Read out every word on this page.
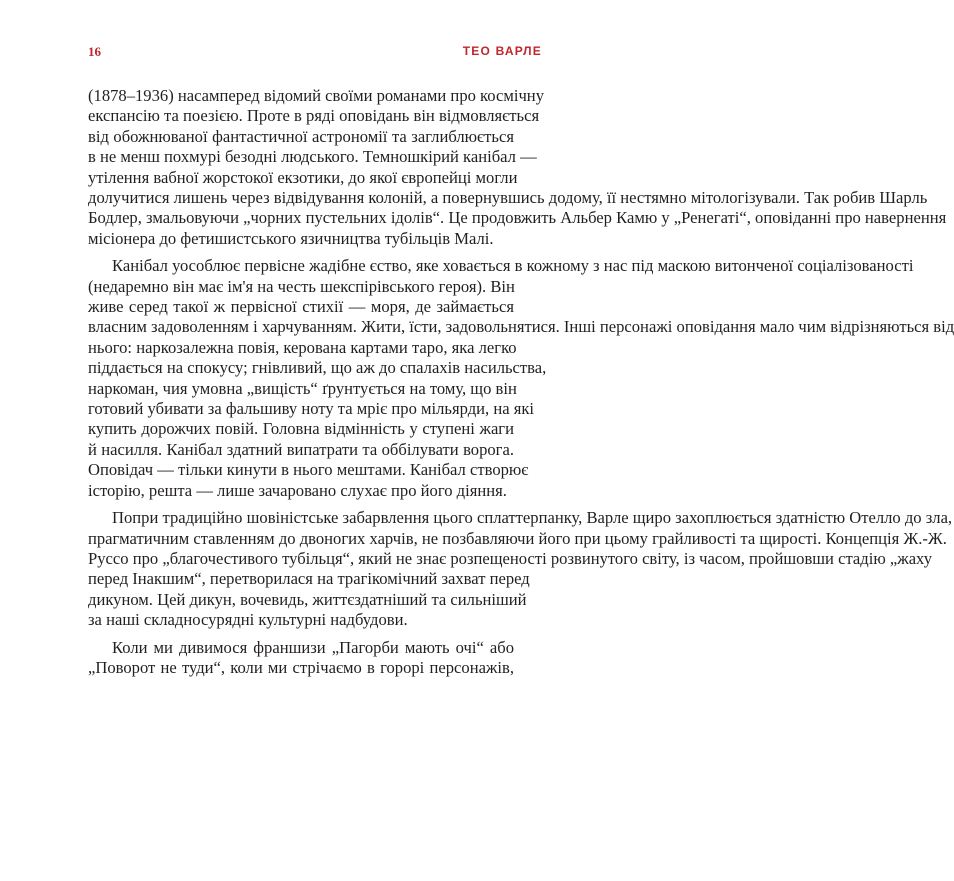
16	ТЕО ВАРЛЕ
(1878–1936) насамперед відомий своїми романами про космічну
експансію та поезією. Проте в ряді оповідань він відмовляється
від обожнюваної фантастичної астрономії та заглиблюється
в не менш похмурі безодні людського. Темношкірий канібал —
утілення вабної жорстокої екзотики, до якої європейці могли
долучитися лишень через відвідування колоній, а повернувшись додому, її нестямно мітологізували. Так робив Шарль
Бодлер, змальовуючи „чорних пустельних ідолів“. Це продовжить Альбер Камю у „Ренегаті“, оповіданні про навернення
місіонера до фетишистського язичництва тубільців Малі.
Канібал уособлює первісне жадібне єство, яке ховається в кожному з нас під маскою витонченої соціалізованості
(недаремно він має ім'я на честь шекспірівського героя). Він
живе серед такої ж первісної стихії — моря, де займається
власним задоволенням і харчуванням. Жити, їсти, задовольнятися. Інші персонажі оповідання мало чим відрізняються від
нього: наркозалежна повія, керована картами таро, яка легко
піддається на спокусу; гнівливий, що аж до спалахів насильства,
наркоман, чия умовна „вищість“ ґрунтується на тому, що він
готовий убивати за фальшиву ноту та мріє про мільярди, на які
купить дорожчих повій. Головна відмінність у ступені жаги
й насилля. Канібал здатний випатрати та оббілувати ворога.
Оповідач — тільки кинути в нього мештами. Канібал створює
історію, решта — лише зачаровано слухає про його діяння.
Попри традиційно шовіністське забарвлення цього сплаттерпанку, Варле щиро захоплюється здатністю Отелло до зла,
прагматичним ставленням до двоногих харчів, не позбавляючи його при цьому грайливості та щирості. Концепція Ж.-Ж.
Руссо про „благочестивого тубільця“, який не знає розпещеності розвинутого світу, із часом, пройшовши стадію „жаху
перед Інакшим“, перетворилася на трагікомічний захват перед
дикуном. Цей дикун, вочевидь, життєздатніший та сильніший
за наші складносурядні культурні надбудови.
Коли ми дивимося франшизи „Пагорби мають очі“ або
„Поворот не туди“, коли ми стрічаємо в горорі персонажів,
